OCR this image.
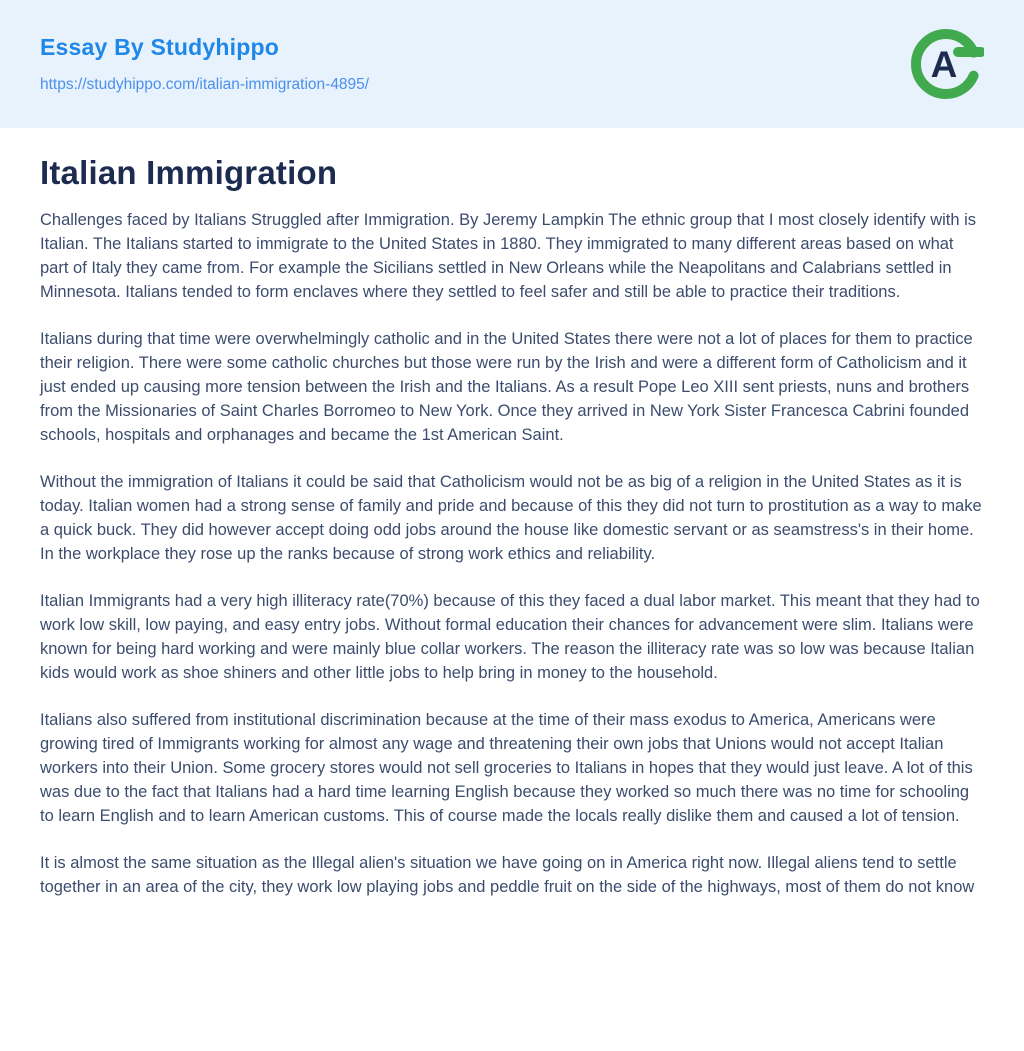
Essay By Studyhippo
https://studyhippo.com/italian-immigration-4895/	A
Italian Immigration

Challenges faced by Italians Struggled after Immigration. By Jeremy Lampkin The ethnic group that I most closely identify with is Italian. The Italians started to immigrate to the United States in 1880. They immigrated to many different areas based on what part of Italy they came from. For example the Sicilians settled in New Orleans while the Neapolitans and Calabrians settled in Minnesota. Italians tended to form enclaves where they settled to feel safer and still be able to practice their traditions.

Italians during that time were overwhelmingly catholic and in the United States there were not a lot of places for them to practice their religion. There were some catholic churches but those were run by the Irish and were a different form of Catholicism and it just ended up causing more tension between the Irish and the Italians. As a result Pope Leo XIII sent priests, nuns and brothers from the Missionaries of Saint Charles Borromeo to New York. Once they arrived in New York Sister Francesca Cabrini founded schools, hospitals and orphanages and became the 1st American Saint.

Without the immigration of Italians it could be said that Catholicism would not be as big of a religion in the United States as it is today. Italian women had a strong sense of family and pride and because of this they did not turn to prostitution as a way to make a quick buck. They did however accept doing odd jobs around the house like domestic servant or as seamstress's in their home. In the workplace they rose up the ranks because of strong work ethics and reliability.

Italian Immigrants had a very high illiteracy rate(70%) because of this they faced a dual labor market. This meant that they had to work low skill, low paying, and easy entry jobs. Without formal education their chances for advancement were slim. Italians were known for being hard working and were mainly blue collar workers. The reason the illiteracy rate was so low was because Italian kids would work as shoe shiners and other little jobs to help bring in money to the household.

Italians also suffered from institutional discrimination because at the time of their mass exodus to America, Americans were growing tired of Immigrants working for almost any wage and threatening their own jobs that Unions would not accept Italian workers into their Union. Some grocery stores would not sell groceries to Italians in hopes that they would just leave. A lot of this was due to the fact that Italians had a hard time learning English because they worked so much there was no time for schooling to learn English and to learn American customs. This of course made the locals really dislike them and caused a lot of tension.

It is almost the same situation as the Illegal alien's situation we have going on in America right now. Illegal aliens tend to settle together in an area of the city, they work low playing jobs and peddle fruit on the side of the highways, most of them do not know
